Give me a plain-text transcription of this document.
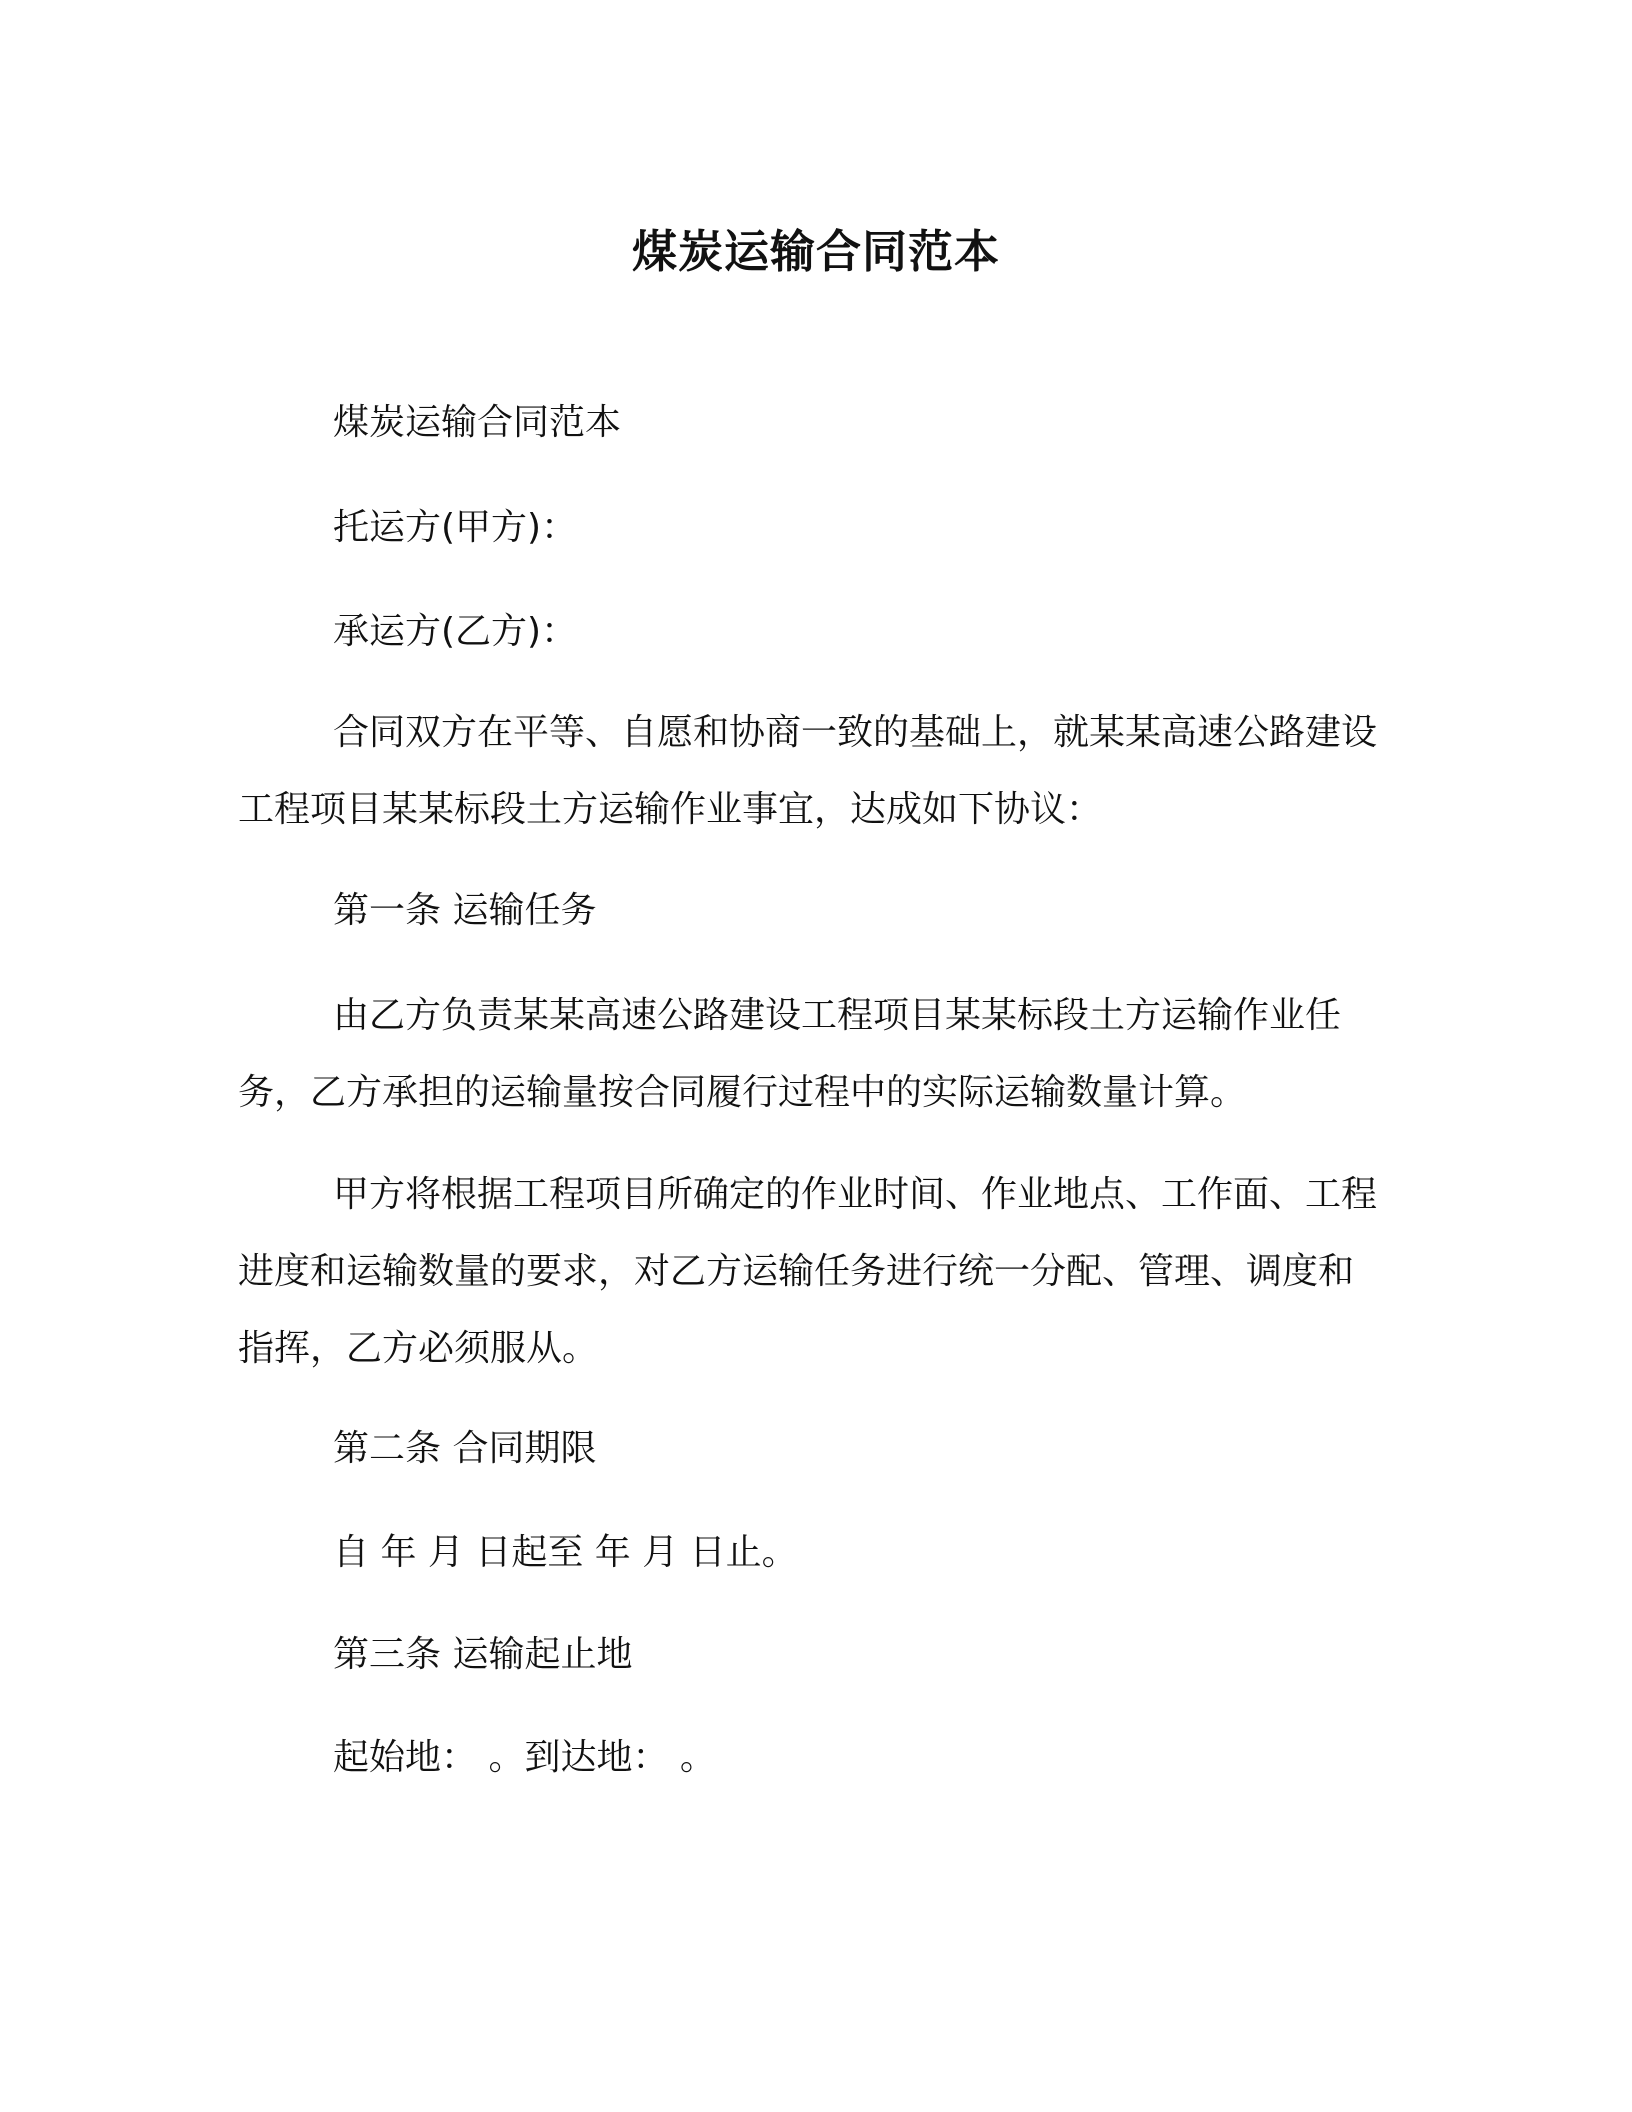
煤炭运输合同范本

煤炭运输合同范本

托运方(甲方)：

承运方(乙方)：

合同双方在平等、自愿和协商一致的基础上，就某某高速公路建设工程项目某某标段土方运输作业事宜，达成如下协议：

第一条 运输任务

由乙方负责某某高速公路建设工程项目某某标段土方运输作业任务，乙方承担的运输量按合同履行过程中的实际运输数量计算。

甲方将根据工程项目所确定的作业时间、作业地点、工作面、工程进度和运输数量的要求，对乙方运输任务进行统一分配、管理、调度和指挥，乙方必须服从。

第二条 合同期限

自 年 月 日起至 年 月 日止。

第三条 运输起止地

起始地： 。到达地： 。
